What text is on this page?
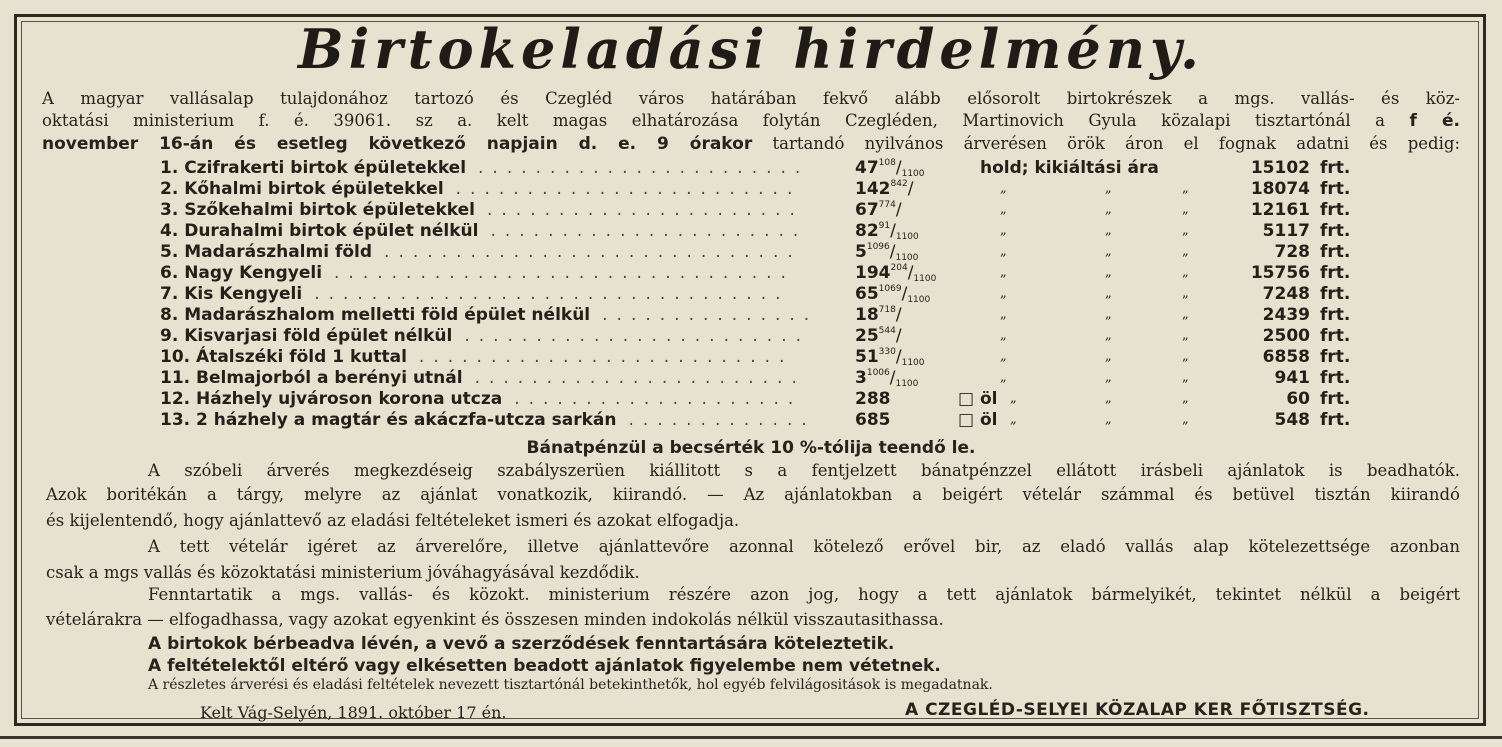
Birtokeladási hirdelmény.

A magyar vallásalap tulajdonához tartozó és Czegléd város határában fekvő alább elősorolt birtokrészek a mgs. vallás- és köz-

oktatási ministerium f. é. 39061. sz a. kelt magas elhatározása folytán Czegléden, Martinovich Gyula közalapi tisztartónál a f é.

november 16-án és esetleg következő napjain d. e. 9 órakor tartandó nyilvános árverésen örök áron el fognak adatni és pedig:

1. Czifrakerti birtok épületekkel	$47^{108}/_{1100}$	hold; kikiáltási ára	15102 frt.
.......................
2. Kőhalmi birtok épületekkel	$142^{842}/$	„	„	„	18074 frt.
........................
3. Szőkehalmi birtok épületekkel	$67^{774}/$	„	„	„	12161 frt.
......................
4. Durahalmi birtok épület nélkül	$82^{91}/_{1100}$	„	„	„	5117 frt.
......................
5. Madarászhalmi föld	$5^{1096}/_{1100}$	„	„	„	728 frt.
.............................
6. Nagy Kengyeli	$194^{204}/_{1100}$	„	„	„	15756 frt.
................................
7. Kis Kengyeli	$65^{1069}/_{1100}$	„	„	„	7248 frt.
.................................
8. Madarászhalom melletti föld épület nélkül	$18^{718}/$	„	„	„	2439 frt.
...............
9. Kisvarjasi föld épület nélkül	$25^{544}/$	„	„	„	2500 frt.
........................
10. Átalszéki föld 1 kuttal	$51^{330}/_{1100}$	„	„	„	6858 frt.
..........................
11. Belmajorból a berényi utnál	$3^{1006}/_{1100}$	„	„	„	941 frt.
.......................
12. Házhely ujvároson korona utcza	288	□ öl „	„	„	60 frt.
....................
13. 2 házhely a magtár és akáczfa-utcza sarkán	685	□ öl „	„	„	548 frt.
.............
Bánatpénzül a becsérték 10 %-tólija teendő le.

A szóbeli árverés megkezdéseig szabályszerüen kiállitott s a fentjelzett bánatpénzzel ellátott irásbeli ajánlatok is beadhatók.

Azok boritékán a tárgy, melyre az ajánlat vonatkozik, kiirandó. — Az ajánlatokban a beigért vételár számmal és betüvel tisztán kiirandó

és kijelentendő, hogy ajánlattevő az eladási feltételeket ismeri és azokat elfogadja.

A tett vételár igéret az árverelőre, illetve ajánlattevőre azonnal kötelező erővel bir, az eladó vallás alap kötelezettsége azonban

csak a mgs vallás és közoktatási ministerium jóváhagyásával kezdődik.

Fenntartatik a mgs. vallás- és közokt. ministerium részére azon jog, hogy a tett ajánlatok bármelyikét, tekintet nélkül a beigért

vételárakra — elfogadhassa, vagy azokat egyenkint és összesen minden indokolás nélkül visszautasithassa.

A birtokok bérbeadva lévén, a vevő a szerződések fenntartására köteleztetik.
A feltételektől eltérő vagy elkésetten beadott ajánlatok figyelembe nem vétetnek.
A részletes árverési és eladási feltételek nevezett tisztartónál betekinthetők, hol egyéb felvilágositások is megadatnak.
Kelt Vág-Selyén, 1891. október 17 én.	A CZEGLÉD-SELYEI KÖZALAP KER FŐTISZTSÉG.
